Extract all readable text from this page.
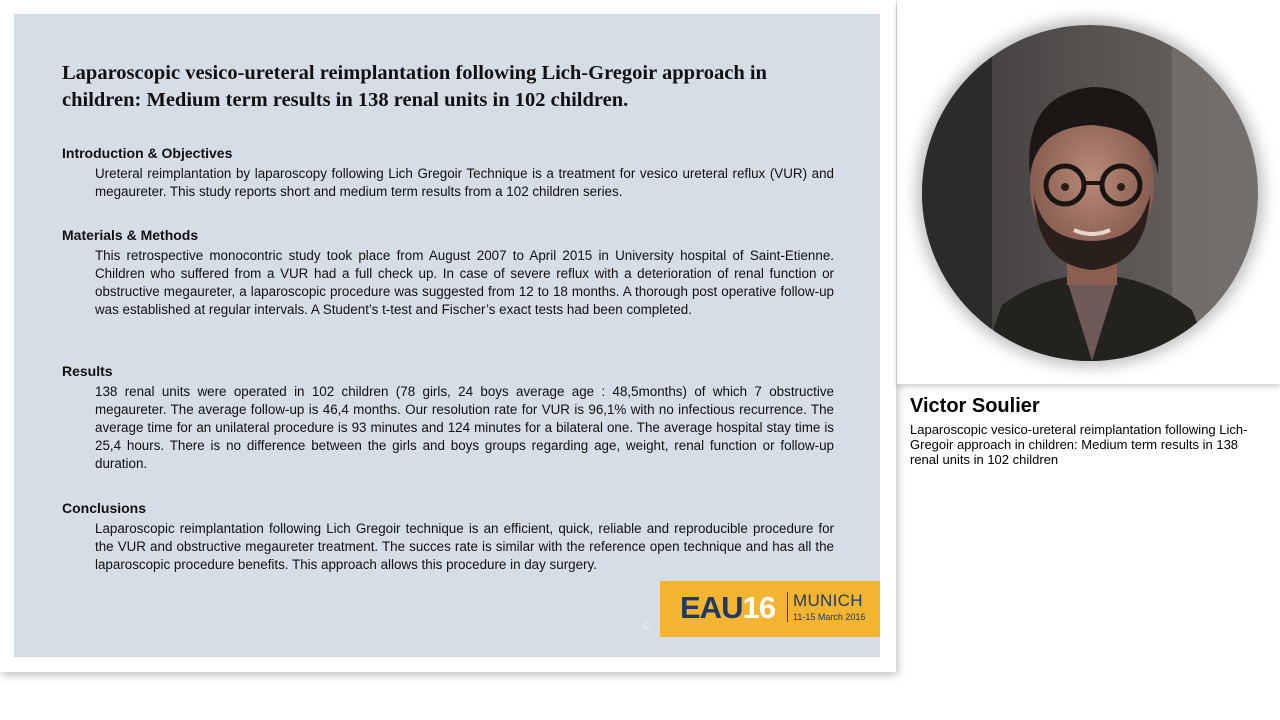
Laparoscopic vesico-ureteral reimplantation following Lich-Gregoir approach in children: Medium term results in 138 renal units in 102 children.
Introduction & Objectives

Ureteral reimplantation by laparoscopy following Lich Gregoir Technique is a treatment for vesico ureteral reflux (VUR) and megaureter. This study reports short and medium term results from a 102 children series.

Materials & Methods

This retrospective monocontric study took place from August 2007 to April 2015 in University hospital of Saint-Etienne. Children who suffered from a VUR had a full check up. In case of severe reflux with a deterioration of renal function or obstructive megaureter, a laparoscopic procedure was suggested from 12 to 18 months. A thorough post operative follow-up was established at regular intervals. A Student’s t-test and Fischer’s exact tests had been completed.

Results

138 renal units were operated in 102 children (78 girls, 24 boys average age : 48,5months) of which 7 obstructive megaureter. The average follow-up is 46,4 months. Our resolution rate for VUR is 96,1% with no infectious recurrence. The average time for an unilateral procedure is 93 minutes and 124 minutes for a bilateral one. The average hospital stay time is 25,4 hours. There is no difference between the girls and boys groups regarding age, weight, renal function or follow-up duration.

Conclusions

Laparoscopic reimplantation following Lich Gregoir technique is an efficient, quick, reliable and reproducible procedure for the VUR and obstructive megaureter treatment. The succes rate is similar with the reference open technique and has all the laparoscopic procedure benefits. This approach allows this procedure in day surgery.

©
EAU16 MUNICH
11-15 March 2016
Victor Soulier
Laparoscopic vesico-ureteral reimplantation following Lich-Gregoir approach in children: Medium term results in 138 renal units in 102 children
